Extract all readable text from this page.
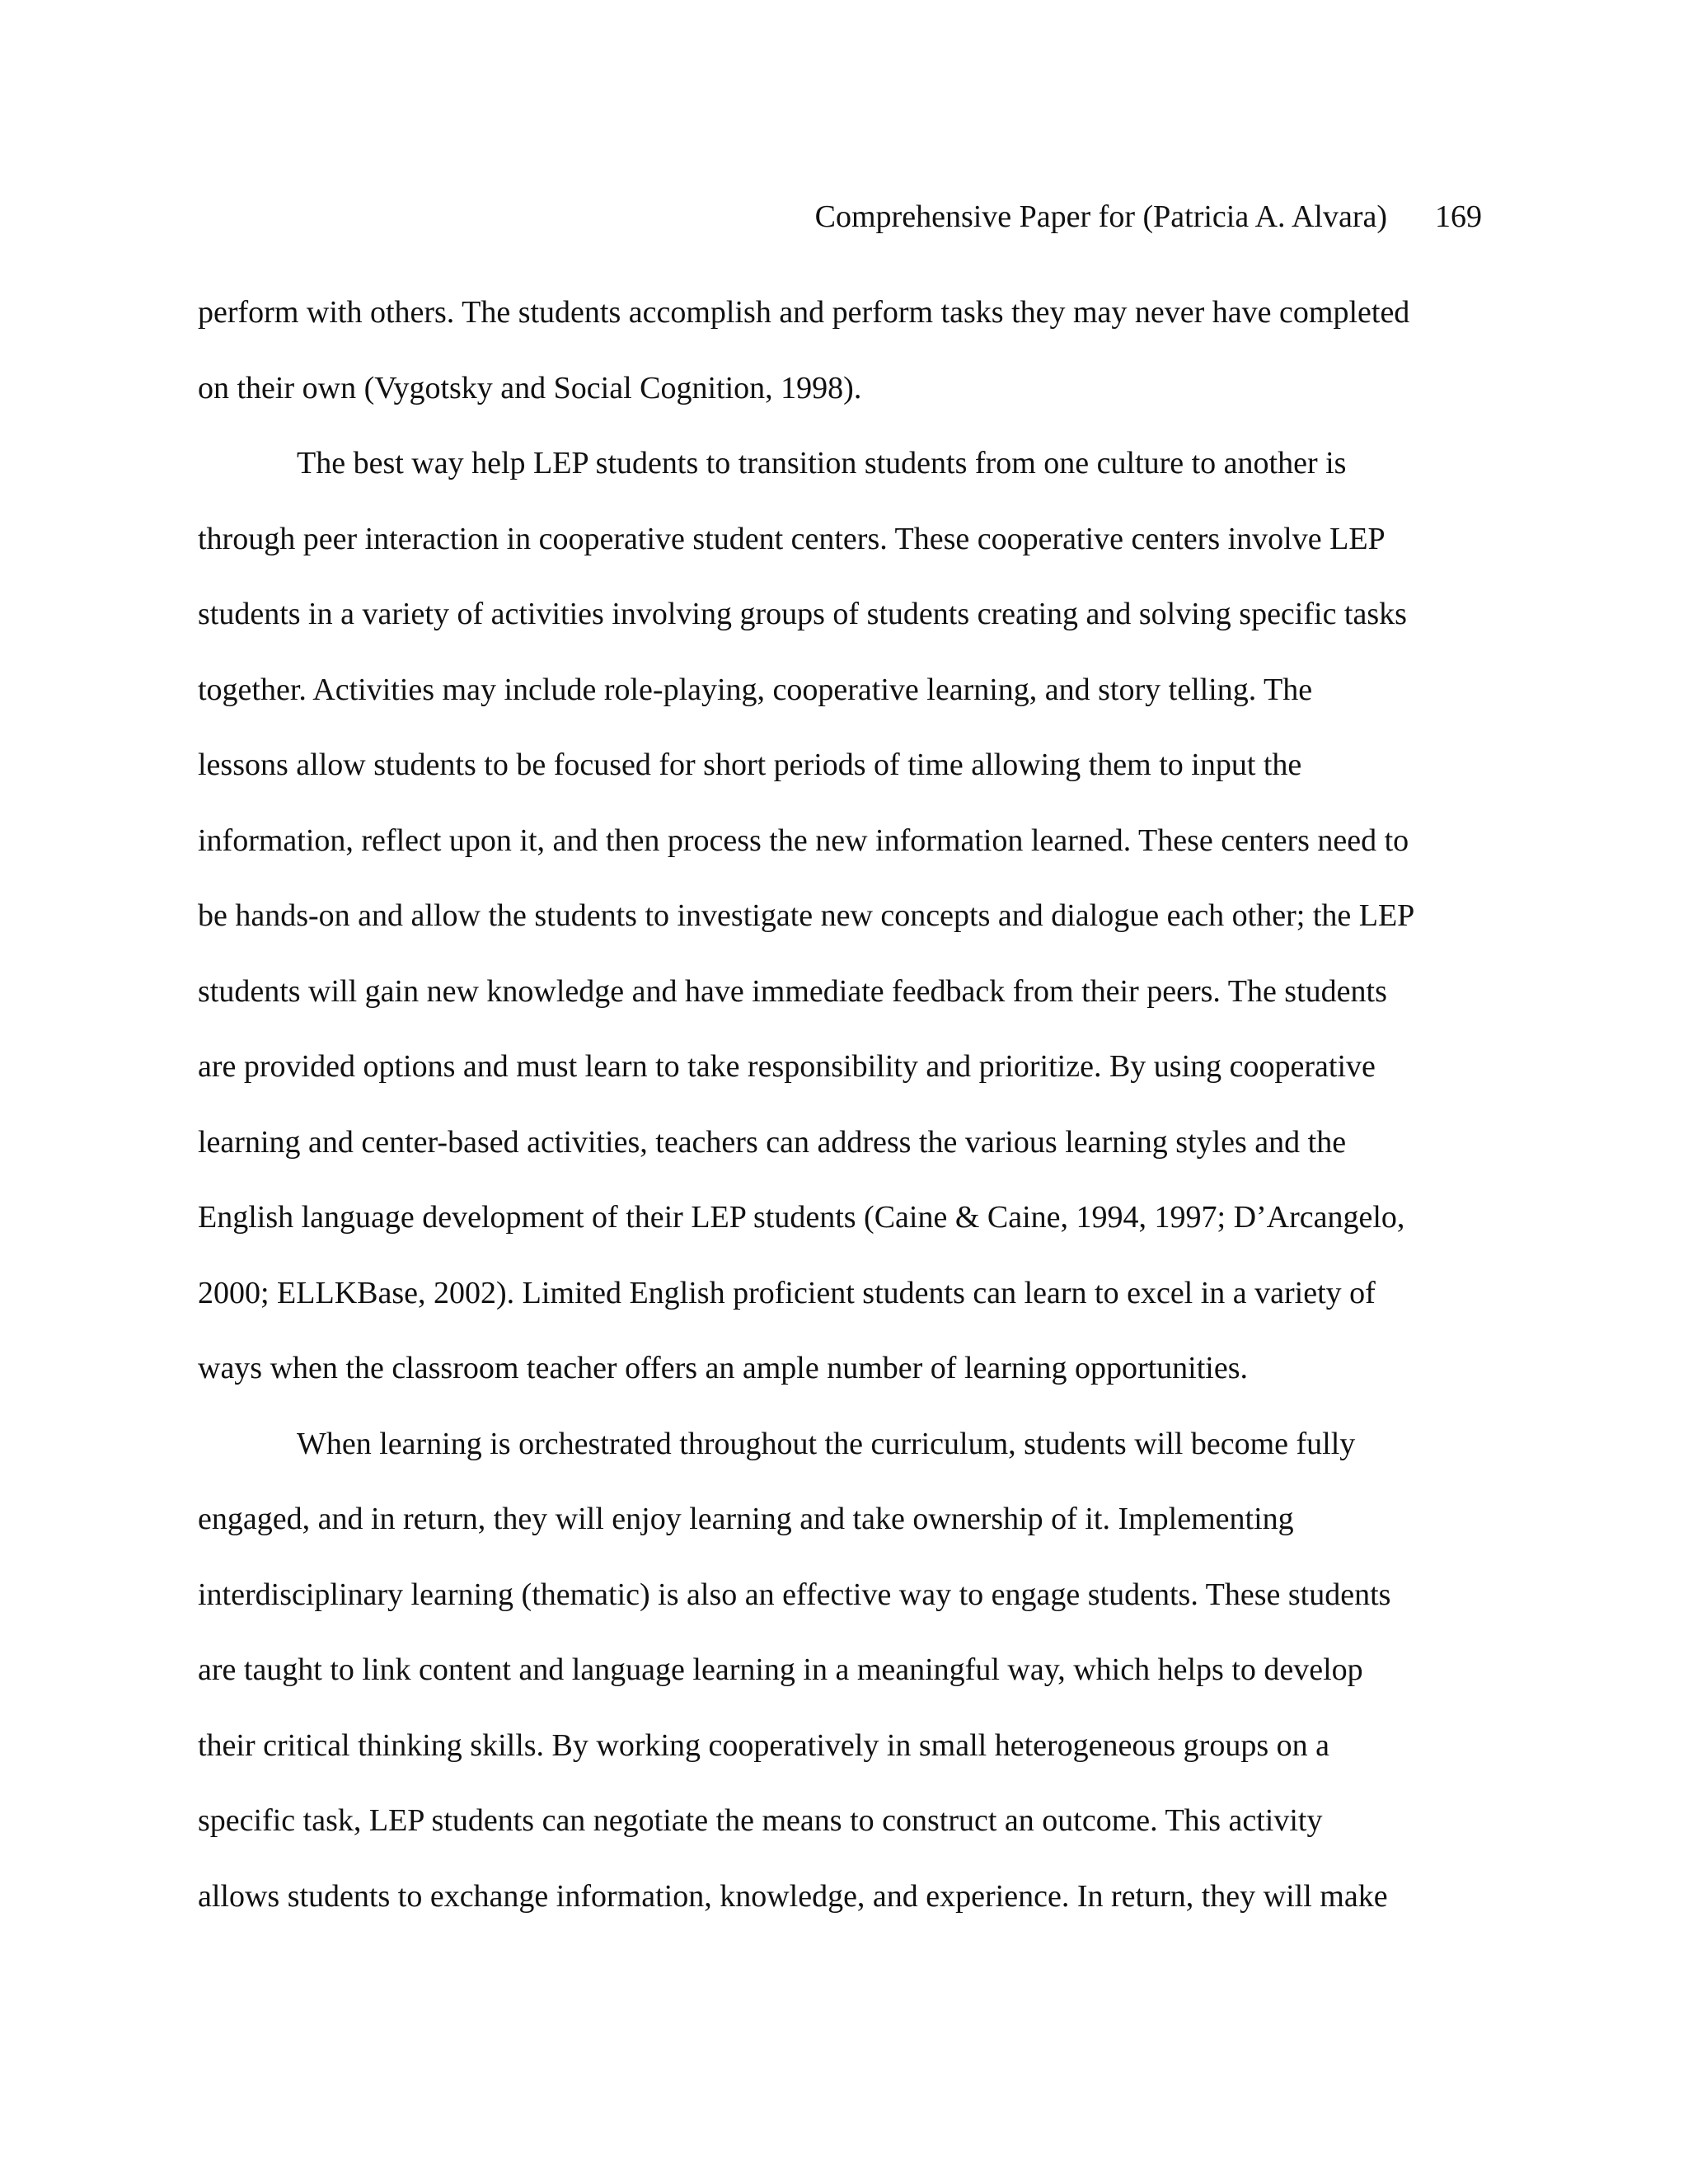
Comprehensive Paper for (Patricia A. Alvara) 169
perform with others. The students accomplish and perform tasks they may never have completed
on their own (Vygotsky and Social Cognition, 1998).
The best way help LEP students to transition students from one culture to another is
through peer interaction in cooperative student centers. These cooperative centers involve LEP
students in a variety of activities involving groups of students creating and solving specific tasks
together. Activities may include role-playing, cooperative learning, and story telling. The
lessons allow students to be focused for short periods of time allowing them to input the
information, reflect upon it, and then process the new information learned. These centers need to
be hands-on and allow the students to investigate new concepts and dialogue each other; the LEP
students will gain new knowledge and have immediate feedback from their peers. The students
are provided options and must learn to take responsibility and prioritize. By using cooperative
learning and center-based activities, teachers can address the various learning styles and the
English language development of their LEP students (Caine & Caine, 1994, 1997; D’Arcangelo,
2000; ELLKBase, 2002). Limited English proficient students can learn to excel in a variety of
ways when the classroom teacher offers an ample number of learning opportunities.
When learning is orchestrated throughout the curriculum, students will become fully
engaged, and in return, they will enjoy learning and take ownership of it. Implementing
interdisciplinary learning (thematic) is also an effective way to engage students. These students
are taught to link content and language learning in a meaningful way, which helps to develop
their critical thinking skills. By working cooperatively in small heterogeneous groups on a
specific task, LEP students can negotiate the means to construct an outcome. This activity
allows students to exchange information, knowledge, and experience. In return, they will make
